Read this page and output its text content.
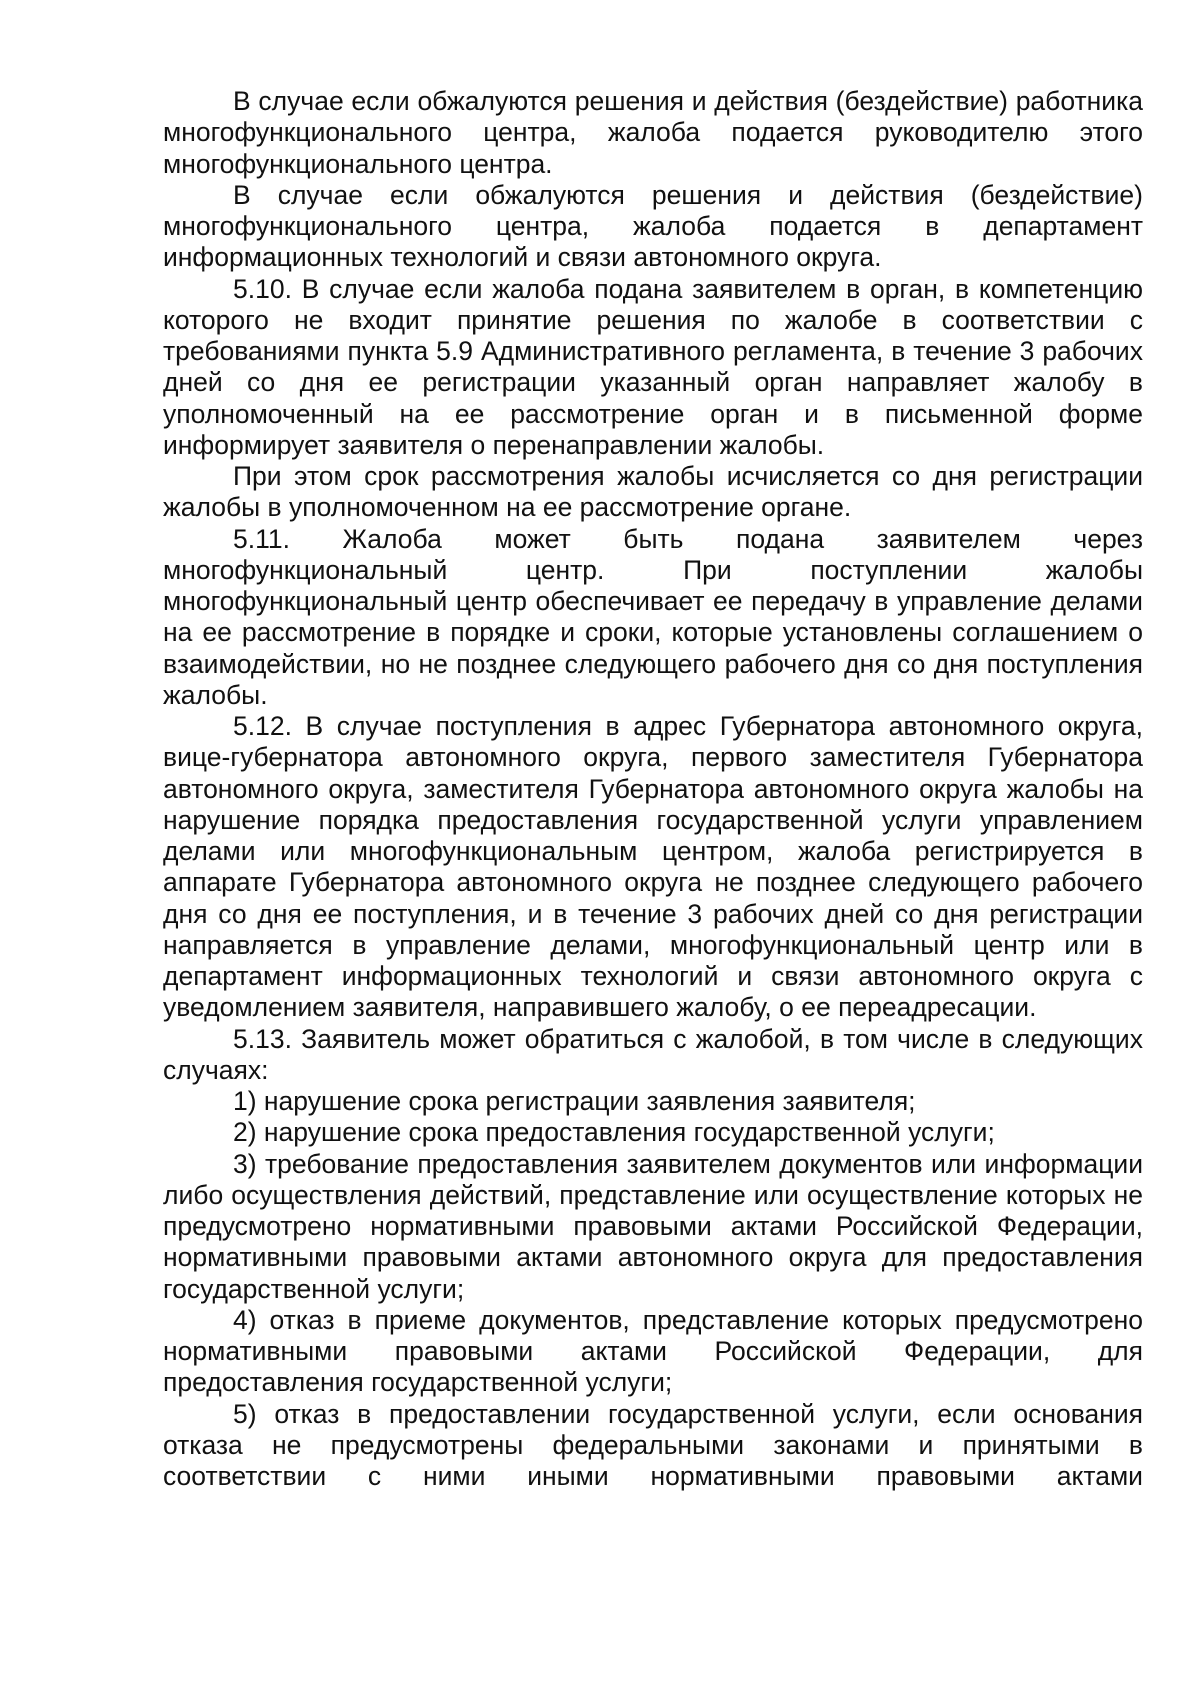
В случае если обжалуются решения и действия (бездействие) работника многофункционального центра, жалоба подается руководителю этого многофункционального центра.

В случае если обжалуются решения и действия (бездействие) многофункционального центра, жалоба подается в департамент информационных технологий и связи автономного округа.

5.10. В случае если жалоба подана заявителем в орган, в компетенцию которого не входит принятие решения по жалобе в соответствии с требованиями пункта 5.9 Административного регламента, в течение 3 рабочих дней со дня ее регистрации указанный орган направляет жалобу в уполномоченный на ее рассмотрение орган и в письменной форме информирует заявителя о перенаправлении жалобы.

При этом срок рассмотрения жалобы исчисляется со дня регистрации жалобы в уполномоченном на ее рассмотрение органе.

5.11. Жалоба может быть подана заявителем через многофункциональный центр. При поступлении жалобы многофункциональный центр обеспечивает ее передачу в управление делами на ее рассмотрение в порядке и сроки, которые установлены соглашением о взаимодействии, но не позднее следующего рабочего дня со дня поступления жалобы.

5.12. В случае поступления в адрес Губернатора автономного округа, вице-губернатора автономного округа, первого заместителя Губернатора автономного округа, заместителя Губернатора автономного округа жалобы на нарушение порядка предоставления государственной услуги управлением делами или многофункциональным центром, жалоба регистрируется в аппарате Губернатора автономного округа не позднее следующего рабочего дня со дня ее поступления, и в течение 3 рабочих дней со дня регистрации направляется в управление делами, многофункциональный центр или в департамент информационных технологий и связи автономного округа с уведомлением заявителя, направившего жалобу, о ее переадресации.

5.13. Заявитель может обратиться с жалобой, в том числе в следующих случаях:

1) нарушение срока регистрации заявления заявителя;

2) нарушение срока предоставления государственной услуги;

3) требование предоставления заявителем документов или информации либо осуществления действий, представление или осуществление которых не предусмотрено нормативными правовыми актами Российской Федерации, нормативными правовыми актами автономного округа для предоставления государственной услуги;

4) отказ в приеме документов, представление которых предусмотрено нормативными правовыми актами Российской Федерации, для предоставления государственной услуги;

5) отказ в предоставлении государственной услуги, если основания отказа не предусмотрены федеральными законами и принятыми в соответствии с ними иными нормативными правовыми актами
